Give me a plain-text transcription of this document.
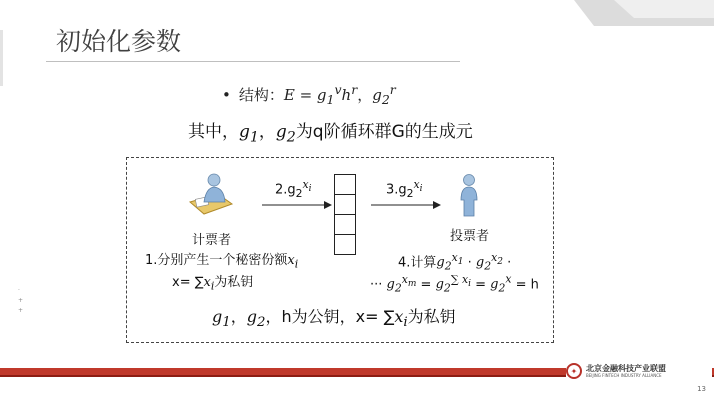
初始化参数
• 结构：$E = g_1^vh^r$，$g_2^r$
其中，$g_1$，$g_2$为q阶循环群G的生成元
计票者	投票者
$2.g_2^{x_i}$	$3.g_2^{x_i}$
1.分别产生一个秘密份额$x_i$
$x= \sum x_i$为私钥
4.计算$g_2^{x_1} \cdot g_2^{x_2}$ ·
··· $g_2^{x_m} = g_2^{\sum x_i} = g_2^x = h$
$g_1$，$g_2$，h为公钥，$x= \sum x_i$为私钥
·
+
+
✦	北京金融科技产业联盟
BEIJING FINTECH INDUSTRY ALLIANCE
13
